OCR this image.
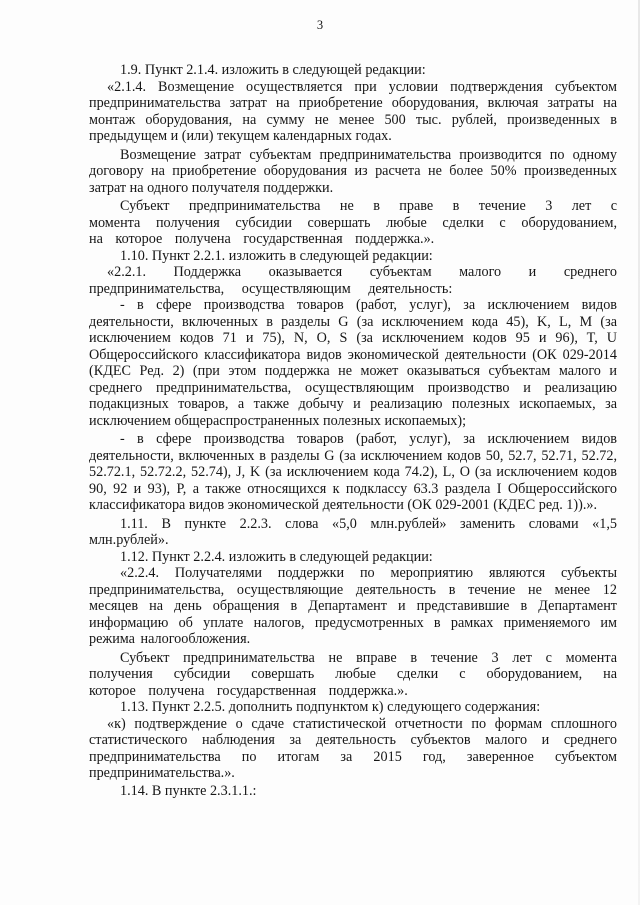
3

1.9. Пункт 2.1.4. изложить в следующей редакции:

«2.1.4. Возмещение осуществляется при условии подтверждения субъектом предпринимательства затрат на приобретение оборудования, включая затраты на монтаж оборудования, на сумму не менее 500 тыс. рублей, произведенных в предыдущем и (или) текущем календарных годах.

Возмещение затрат субъектам предпринимательства производится по одному договору на приобретение оборудования из расчета не более 50% произведенных затрат на одного получателя поддержки.

Субъект предпринимательства не в праве в течение 3 лет с момента получения субсидии совершать любые сделки с оборудованием, на которое получена государственная поддержка.».

1.10. Пункт 2.2.1. изложить в следующей редакции:

«2.2.1. Поддержка оказывается субъектам малого и среднего предпринимательства, осуществляющим деятельность:

- в сфере производства товаров (работ, услуг), за исключением видов деятельности, включенных в разделы G (за исключением кода 45), K, L, M (за исключением кодов 71 и 75), N, O, S (за исключением кодов 95 и 96), T, U Общероссийского классификатора видов экономической деятельности (ОК 029-2014 (КДЕС Ред. 2) (при этом поддержка не может оказываться субъектам малого и среднего предпринимательства, осуществляющим производство и реализацию подакцизных товаров, а также добычу и реализацию полезных ископаемых, за исключением общераспространенных полезных ископаемых);

- в сфере производства товаров (работ, услуг), за исключением видов деятельности, включенных в разделы G (за исключением кодов 50, 52.7, 52.71, 52.72, 52.72.1, 52.72.2, 52.74), J, K (за исключением кода 74.2), L, O (за исключением кодов 90, 92 и 93), P, а также относящихся к подклассу 63.3 раздела I Общероссийского классификатора видов экономической деятельности (ОК 029-2001 (КДЕС ред. 1)).».

1.11. В пункте 2.2.3. слова «5,0 млн.рублей» заменить словами «1,5 млн.рублей».

1.12. Пункт 2.2.4. изложить в следующей редакции:

«2.2.4. Получателями поддержки по мероприятию являются субъекты предпринимательства, осуществляющие деятельность в течение не менее 12 месяцев на день обращения в Департамент и представившие в Департамент информацию об уплате налогов, предусмотренных в рамках применяемого им режима налогообложения.

Субъект предпринимательства не вправе в течение 3 лет с момента получения субсидии совершать любые сделки с оборудованием, на которое получена государственная поддержка.».

1.13. Пункт 2.2.5. дополнить подпунктом к) следующего содержания:

«к) подтверждение о сдаче статистической отчетности по формам сплошного статистического наблюдения за деятельность субъектов малого и среднего предпринимательства по итогам за 2015 год, заверенное субъектом предпринимательства.».

1.14. В пункте 2.3.1.1.:
